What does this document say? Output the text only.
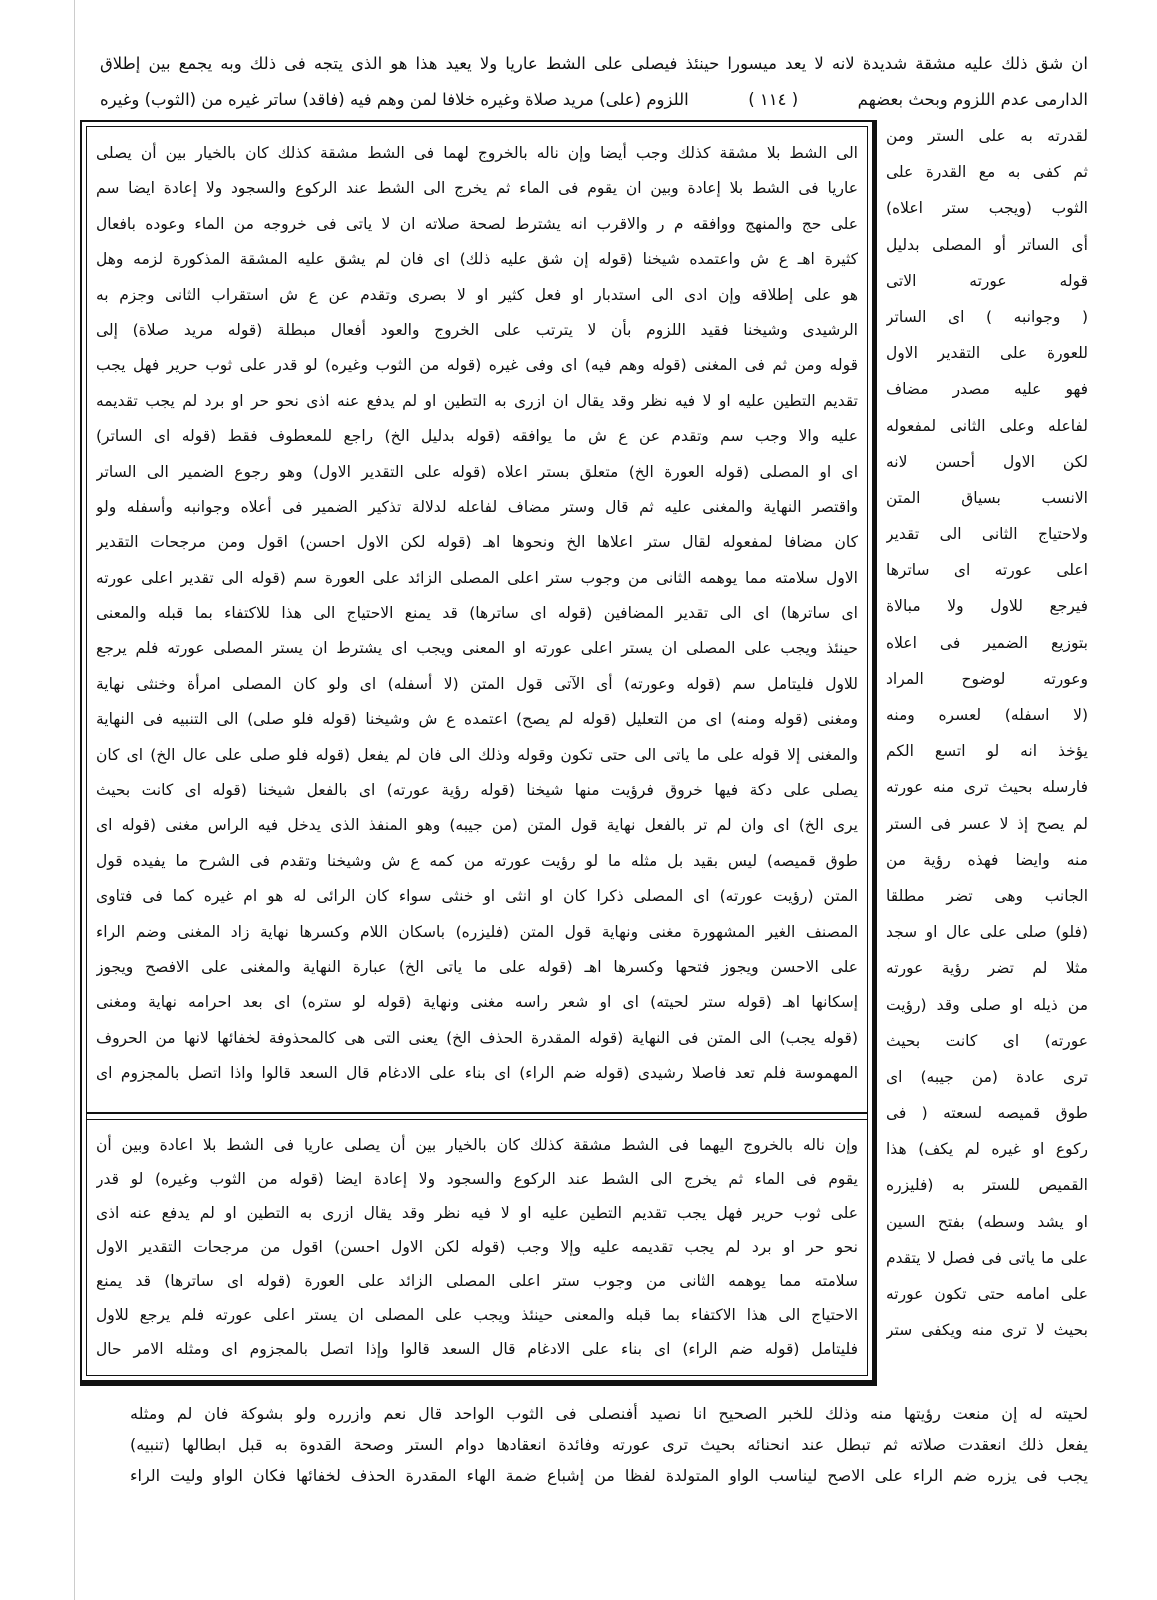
ان شق ذلك عليه مشقة شديدة لانه لا يعد ميسورا حينئذ فيصلى على الشط عاريا ولا يعيد هذا هو الذى يتجه فى ذلك وبه يجمع بين إطلاق
الدارمى عدم اللزوم وبحث بعضهم
( ١١٤ )
اللزوم (على) مريد صلاة وغيره خلافا لمن وهم فيه (فاقد) ساتر غيره من (الثوب) وغيره
الى الشط بلا مشقة كذلك وجب أيضا وإن ناله بالخروج لهما فى الشط مشقة كذلك كان بالخيار بين أن يصلى
عاريا فى الشط بلا إعادة وبين ان يقوم فى الماء ثم يخرج الى الشط عند الركوع والسجود ولا إعادة ايضا سم
على حج والمنهج ووافقه م ر والاقرب انه يشترط لصحة صلاته ان لا ياتى فى خروجه من الماء وعوده بافعال
كثيرة اهـ ع ش واعتمده شيخنا (قوله إن شق عليه ذلك) اى فان لم يشق عليه المشقة المذكورة لزمه وهل
هو على إطلاقه وإن ادى الى استدبار او فعل كثير او لا بصرى وتقدم عن ع ش استقراب الثانى وجزم به
الرشيدى وشيخنا فقيد اللزوم بأن لا يترتب على الخروج والعود أفعال مبطلة (قوله مريد صلاة) إلى
قوله ومن ثم فى المغنى (قوله وهم فيه) اى وفى غيره (قوله من الثوب وغيره) لو قدر على ثوب حرير فهل يجب
تقديم التطين عليه او لا فيه نظر وقد يقال ان ازرى به التطين او لم يدفع عنه اذى نحو حر او برد لم يجب تقديمه
عليه والا وجب سم وتقدم عن ع ش ما يوافقه (قوله بدليل الخ) راجع للمعطوف فقط (قوله اى الساتر)
اى او المصلى (قوله العورة الخ) متعلق بستر اعلاه (قوله على التقدير الاول) وهو رجوع الضمير الى الساتر
واقتصر النهاية والمغنى عليه ثم قال وستر مضاف لفاعله لدلالة تذكير الضمير فى أعلاه وجوانبه وأسفله ولو
كان مضافا لمفعوله لقال ستر اعلاها الخ ونحوها اهـ (قوله لكن الاول احسن) اقول ومن مرجحات التقدير
الاول سلامته مما يوهمه الثانى من وجوب ستر اعلى المصلى الزائد على العورة سم (قوله الى تقدير اعلى عورته
اى ساترها) اى الى تقدير المضافين (قوله اى ساترها) قد يمنع الاحتياج الى هذا للاكتفاء بما قبله والمعنى
حينئذ ويجب على المصلى ان يستر اعلى عورته او المعنى ويجب اى يشترط ان يستر المصلى عورته فلم يرجع
للاول فليتامل سم (قوله وعورته) أى الآتى قول المتن (لا أسفله) اى ولو كان المصلى امرأة وخنثى نهاية
ومغنى (قوله ومنه) اى من التعليل (قوله لم يصح) اعتمده ع ش وشيخنا (قوله فلو صلى) الى التنبيه فى النهاية
والمغنى إلا قوله على ما ياتى الى حتى تكون وقوله وذلك الى فان لم يفعل (قوله فلو صلى على عال الخ) اى كان
يصلى على دكة فيها خروق فرؤيت منها شيخنا (قوله رؤية عورته) اى بالفعل شيخنا (قوله اى كانت بحيث
يرى الخ) اى وان لم تر بالفعل نهاية قول المتن (من جيبه) وهو المنفذ الذى يدخل فيه الراس مغنى (قوله اى
طوق قميصه) ليس بقيد بل مثله ما لو رؤيت عورته من كمه ع ش وشيخنا وتقدم فى الشرح ما يفيده قول
المتن (رؤيت عورته) اى المصلى ذكرا كان او انثى او خنثى سواء كان الرائى له هو ام غيره كما فى فتاوى
المصنف الغير المشهورة مغنى ونهاية قول المتن (فليزره) باسكان اللام وكسرها نهاية زاد المغنى وضم الراء
على الاحسن ويجوز فتحها وكسرها اهـ (قوله على ما ياتى الخ) عبارة النهاية والمغنى على الافصح ويجوز
إسكانها اهـ (قوله ستر لحيته) اى او شعر راسه مغنى ونهاية (قوله لو ستره) اى بعد احرامه نهاية ومغنى
(قوله يجب) الى المتن فى النهاية (قوله المقدرة الحذف الخ) يعنى التى هى كالمحذوفة لخفائها لانها من الحروف
المهموسة فلم تعد فاصلا رشيدى (قوله ضم الراء) اى بناء على الادغام قال السعد قالوا واذا اتصل بالمجزوم اى
وإن ناله بالخروج اليهما فى الشط مشقة كذلك كان بالخيار بين أن يصلى عاريا فى الشط بلا اعادة وبين أن
يقوم فى الماء ثم يخرج الى الشط عند الركوع والسجود ولا إعادة ايضا (قوله من الثوب وغيره) لو قدر
على ثوب حرير فهل يجب تقديم التطين عليه او لا فيه نظر وقد يقال ازرى به التطين او لم يدفع عنه اذى
نحو حر او برد لم يجب تقديمه عليه وإلا وجب (قوله لكن الاول احسن) اقول من مرجحات التقدير الاول
سلامته مما يوهمه الثانى من وجوب ستر اعلى المصلى الزائد على العورة (قوله اى ساترها) قد يمنع
الاحتياج الى هذا الاكتفاء بما قبله والمعنى حينئذ ويجب على المصلى ان يستر اعلى عورته فلم يرجع للاول
فليتامل (قوله ضم الراء) اى بناء على الادغام قال السعد قالوا وإذا اتصل بالمجزوم اى ومثله الامر حال
لقدرته به على الستر ومن
ثم كفى به مع القدرة على
الثوب (ويجب ستر اعلاه)
أى الساتر أو المصلى بدليل
قوله عورته الاتى
( وجوانبه ) اى الساتر
للعورة على التقدير الاول
فهو عليه مصدر مضاف
لفاعله وعلى الثانى لمفعوله
لكن الاول أحسن لانه
الانسب بسياق المتن
ولاحتياج الثانى الى تقدير
اعلى عورته اى ساترها
فيرجع للاول ولا مبالاة
بتوزيع الضمير فى اعلاه
وعورته لوضوح المراد
(لا اسفله) لعسره ومنه
يؤخذ انه لو اتسع الكم
فارسله بحيث ترى منه عورته
لم يصح إذ لا عسر فى الستر
منه وايضا فهذه رؤية من
الجانب وهى تضر مطلقا
(فلو) صلى على عال او سجد
مثلا لم تضر رؤية عورته
من ذيله او صلى وقد (رؤيت
عورته) اى كانت بحيث
ترى عادة (من جيبه) اى
طوق قميصه لسعته ( فى
ركوع او غيره لم يكف) هذا
القميص للستر به (فليزره
او يشد وسطه) بفتح السين
على ما ياتى فى فصل لا يتقدم
على امامه حتى تكون عورته
بحيث لا ترى منه ويكفى ستر
لحيته له إن منعت رؤيتها منه وذلك للخبر الصحيح انا نصيد أفنصلى فى الثوب الواحد قال نعم وازرره ولو بشوكة فان لم ومثله
يفعل ذلك انعقدت صلاته ثم تبطل عند انحنائه بحيث ترى عورته وفائدة انعقادها دوام الستر وصحة القدوة به قبل ابطالها (تنبيه)
يجب فى يزره ضم الراء على الاصح ليناسب الواو المتولدة لفظا من إشباع ضمة الهاء المقدرة الحذف لخفائها فكان الواو وليت الراء
